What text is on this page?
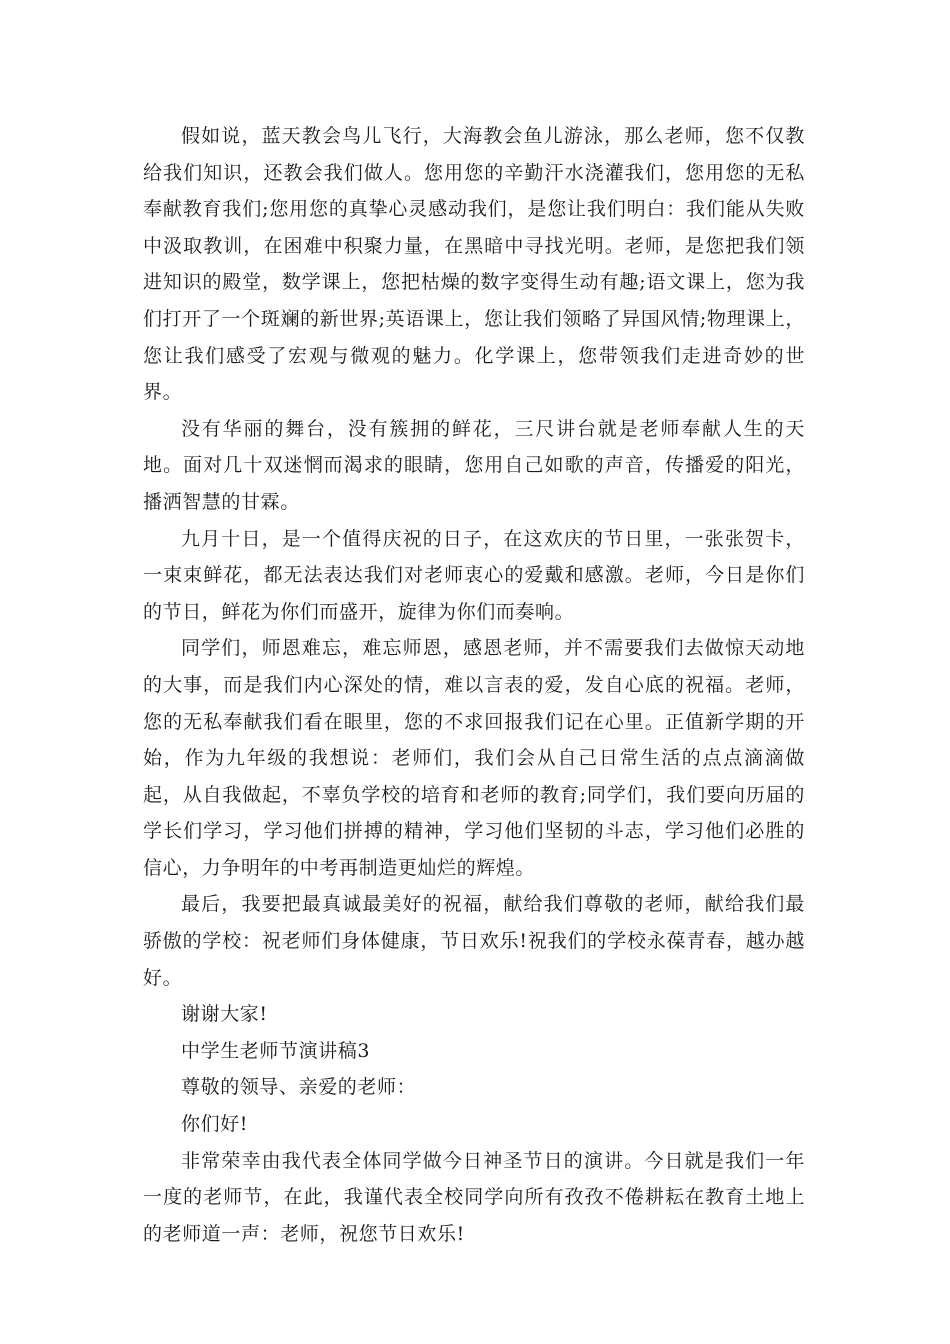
假如说，蓝天教会鸟儿飞行，大海教会鱼儿游泳，那么老师，您不仅教给我们知识，还教会我们做人。您用您的辛勤汗水浇灌我们，您用您的无私奉献教育我们;您用您的真挚心灵感动我们，是您让我们明白：我们能从失败中汲取教训，在困难中积聚力量，在黑暗中寻找光明。老师，是您把我们领进知识的殿堂，数学课上，您把枯燥的数字变得生动有趣;语文课上，您为我们打开了一个斑斓的新世界;英语课上，您让我们领略了异国风情;物理课上，您让我们感受了宏观与微观的魅力。化学课上，您带领我们走进奇妙的世界。

没有华丽的舞台，没有簇拥的鲜花，三尺讲台就是老师奉献人生的天地。面对几十双迷惘而渴求的眼睛，您用自己如歌的声音，传播爱的阳光，播洒智慧的甘霖。

九月十日，是一个值得庆祝的日子，在这欢庆的节日里，一张张贺卡，一束束鲜花，都无法表达我们对老师衷心的爱戴和感激。老师，今日是你们的节日，鲜花为你们而盛开，旋律为你们而奏响。

同学们，师恩难忘，难忘师恩，感恩老师，并不需要我们去做惊天动地的大事，而是我们内心深处的情，难以言表的爱，发自心底的祝福。老师，您的无私奉献我们看在眼里，您的不求回报我们记在心里。正值新学期的开始，作为九年级的我想说：老师们，我们会从自己日常生活的点点滴滴做起，从自我做起，不辜负学校的培育和老师的教育;同学们，我们要向历届的学长们学习，学习他们拼搏的精神，学习他们坚韧的斗志，学习他们必胜的信心，力争明年的中考再制造更灿烂的辉煌。

最后，我要把最真诚最美好的祝福，献给我们尊敬的老师，献给我们最骄傲的学校：祝老师们身体健康，节日欢乐!祝我们的学校永葆青春，越办越好。

谢谢大家!

中学生老师节演讲稿3

尊敬的领导、亲爱的老师：

你们好!

非常荣幸由我代表全体同学做今日神圣节日的演讲。今日就是我们一年一度的老师节，在此，我谨代表全校同学向所有孜孜不倦耕耘在教育土地上的老师道一声：老师，祝您节日欢乐!
